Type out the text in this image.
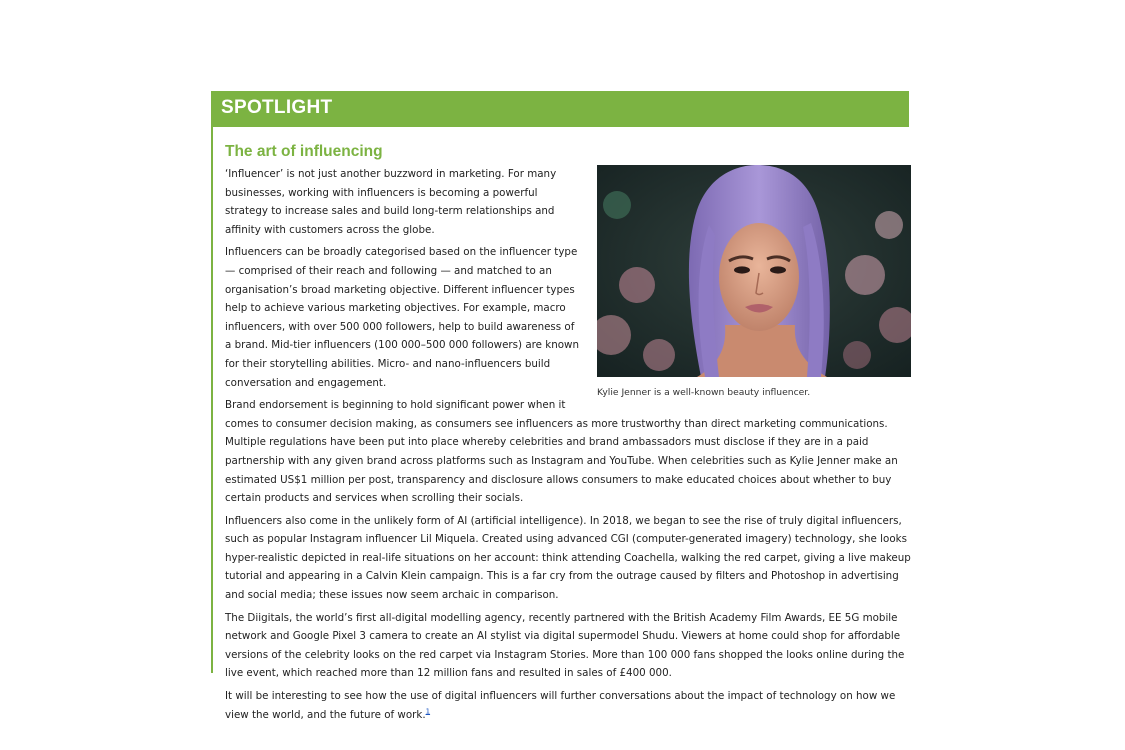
SPOTLIGHT
The art of influencing
Kylie Jenner is a well-known beauty influencer.

‘Influencer’ is not just another buzzword in marketing. For many businesses, working with influencers is becoming a powerful strategy to increase sales and build long-term relationships and affinity with customers across the globe.

Influencers can be broadly categorised based on the influencer type — comprised of their reach and following — and matched to an organisation’s broad marketing objective. Different influencer types help to achieve various marketing objectives. For example, macro influencers, with over 500 000 followers, help to build awareness of a brand. Mid-tier influencers (100 000–500 000 followers) are known for their storytelling abilities. Micro- and nano-influencers build conversation and engagement.

Brand endorsement is beginning to hold significant power when it comes to consumer decision making, as consumers see influencers as more trustworthy than direct marketing communications. Multiple regulations have been put into place whereby celebrities and brand ambassadors must disclose if they are in a paid partnership with any given brand across platforms such as Instagram and YouTube. When celebrities such as Kylie Jenner make an estimated US$1 million per post, transparency and disclosure allows consumers to make educated choices about whether to buy certain products and services when scrolling their socials.

Influencers also come in the unlikely form of AI (artificial intelligence). In 2018, we began to see the rise of truly digital influencers, such as popular Instagram influencer Lil Miquela. Created using advanced CGI (computer-generated imagery) technology, she looks hyper-realistic depicted in real-life situations on her account: think attending Coachella, walking the red carpet, giving a live makeup tutorial and appearing in a Calvin Klein campaign. This is a far cry from the outrage caused by filters and Photoshop in advertising and social media; these issues now seem archaic in comparison.

The Diigitals, the world’s first all-digital modelling agency, recently partnered with the British Academy Film Awards, EE 5G mobile network and Google Pixel 3 camera to create an AI stylist via digital supermodel Shudu. Viewers at home could shop for affordable versions of the celebrity looks on the red carpet via Instagram Stories. More than 100 000 fans shopped the looks online during the live event, which reached more than 12 million fans and resulted in sales of £400 000.

It will be interesting to see how the use of digital influencers will further conversations about the impact of technology on how we view the world, and the future of work.$^1$
